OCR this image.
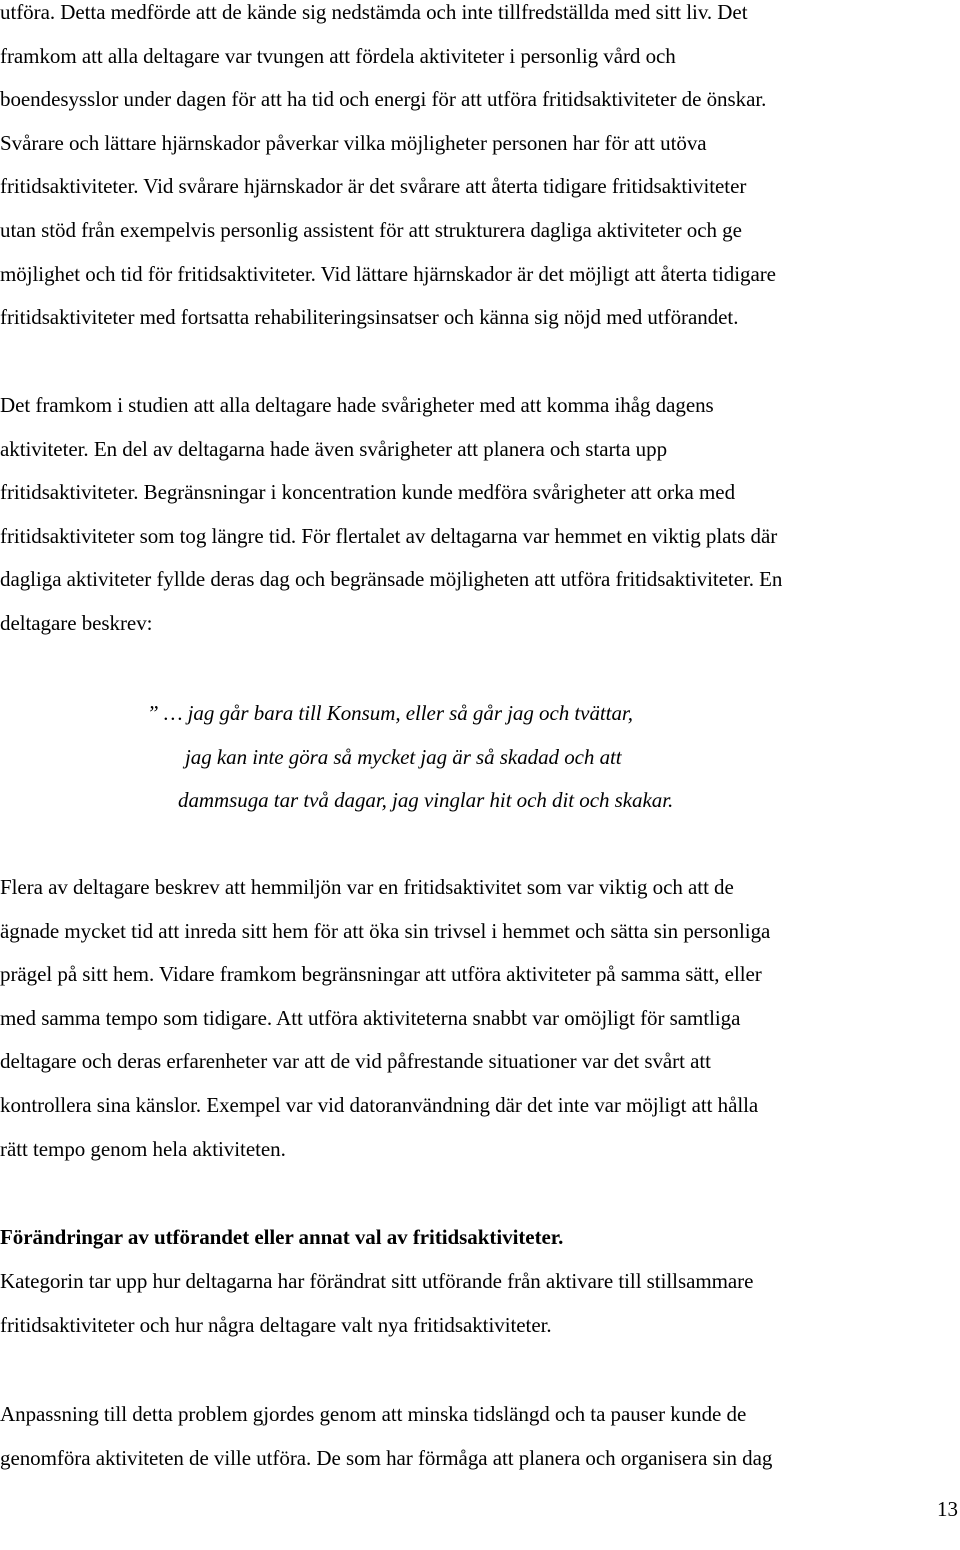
utföra. Detta medförde att de kände sig nedstämda och inte tillfredställda med sitt liv. Det
framkom att alla deltagare var tvungen att fördela aktiviteter i personlig vård och
boendesysslor under dagen för att ha tid och energi för att utföra fritidsaktiviteter de önskar.
Svårare och lättare hjärnskador påverkar vilka möjligheter personen har för att utöva
fritidsaktiviteter. Vid svårare hjärnskador är det svårare att återta tidigare fritidsaktiviteter
utan stöd från exempelvis personlig assistent för att strukturera dagliga aktiviteter och ge
möjlighet och tid för fritidsaktiviteter. Vid lättare hjärnskador är det möjligt att återta tidigare
fritidsaktiviteter med fortsatta rehabiliteringsinsatser och känna sig nöjd med utförandet.
Det framkom i studien att alla deltagare hade svårigheter med att komma ihåg dagens
aktiviteter. En del av deltagarna hade även svårigheter att planera och starta upp
fritidsaktiviteter. Begränsningar i koncentration kunde medföra svårigheter att orka med
fritidsaktiviteter som tog längre tid. För flertalet av deltagarna var hemmet en viktig plats där
dagliga aktiviteter fyllde deras dag och begränsade möjligheten att utföra fritidsaktiviteter. En
deltagare beskrev:
” … jag går bara till Konsum, eller så går jag och tvättar,
jag kan inte göra så mycket jag är så skadad och att
dammsuga tar två dagar, jag vinglar hit och dit och skakar.
Flera av deltagare beskrev att hemmiljön var en fritidsaktivitet som var viktig och att de
ägnade mycket tid att inreda sitt hem för att öka sin trivsel i hemmet och sätta sin personliga
prägel på sitt hem. Vidare framkom begränsningar att utföra aktiviteter på samma sätt, eller
med samma tempo som tidigare. Att utföra aktiviteterna snabbt var omöjligt för samtliga
deltagare och deras erfarenheter var att de vid påfrestande situationer var det svårt att
kontrollera sina känslor. Exempel var vid datoranvändning där det inte var möjligt att hålla
rätt tempo genom hela aktiviteten.
Förändringar av utförandet eller annat val av fritidsaktiviteter.
Kategorin tar upp hur deltagarna har förändrat sitt utförande från aktivare till stillsammare
fritidsaktiviteter och hur några deltagare valt nya fritidsaktiviteter.
Anpassning till detta problem gjordes genom att minska tidslängd och ta pauser kunde de
genomföra aktiviteten de ville utföra. De som har förmåga att planera och organisera sin dag
13
